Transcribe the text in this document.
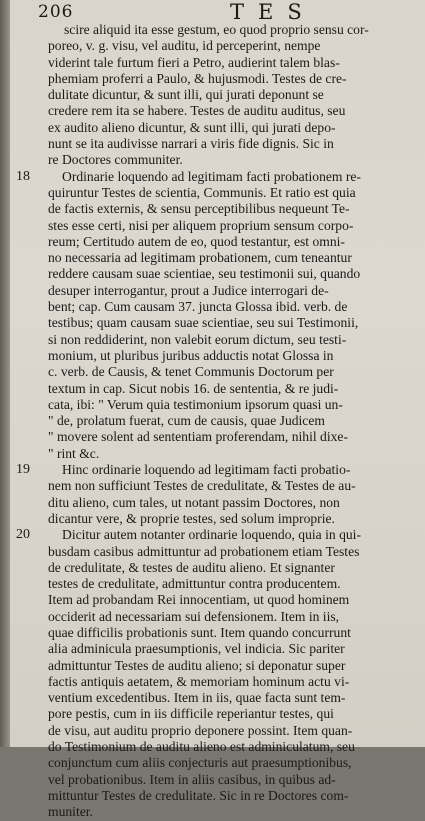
206	TES
scire aliquid ita esse gestum, eo quod proprio sensu cor-
poreo, v. g. visu, vel auditu, id perceperint, nempe
viderint tale furtum fieri a Petro, audierint talem blas-
phemiam proferri a Paulo, & hujusmodi. Testes de cre-
dulitate dicuntur, & sunt illi, qui jurati deponunt se
credere rem ita se habere. Testes de auditu auditus, seu
ex audito alieno dicuntur, & sunt illi, qui jurati depo-
nunt se ita audivisse narrari a viris fide dignis. Sic in
re Doctores communiter.
18 Ordinarie loquendo ad legitimam facti probationem re-
quiruntur Testes de scientia, Communis. Et ratio est quia
de factis externis, & sensu perceptibilibus nequeunt Te-
stes esse certi, nisi per aliquem proprium sensum corpo-
reum; Certitudo autem de eo, quod testantur, est omni-
no necessaria ad legitimam probationem, cum teneantur
reddere causam suae scientiae, seu testimonii sui, quando
desuper interrogantur, prout a Judice interrogari de-
bent; cap. Cum causam 37. juncta Glossa ibid. verb. de
testibus; quam causam suae scientiae, seu sui Testimonii,
si non reddiderint, non valebit eorum dictum, seu testi-
monium, ut pluribus juribus adductis notat Glossa in
c. verb. de Causis, & tenet Communis Doctorum per
textum in cap. Sicut nobis 16. de sententia, & re judi-
cata, ibi: " Verum quia testimonium ipsorum quasi un-
" de, prolatum fuerat, cum de causis, quae Judicem
" movere solent ad sententiam proferendam, nihil dixe-
" rint &c.
19 Hinc ordinarie loquendo ad legitimam facti probatio-
nem non sufficiunt Testes de credulitate, & Testes de au-
ditu alieno, cum tales, ut notant passim Doctores, non
dicantur vere, & proprie testes, sed solum improprie.
20 Dicitur autem notanter ordinarie loquendo, quia in qui-
busdam casibus admittuntur ad probationem etiam Testes
de credulitate, & testes de auditu alieno. Et signanter
testes de credulitate, admittuntur contra producentem.
Item ad probandam Rei innocentiam, ut quod hominem
occiderit ad necessariam sui defensionem. Item in iis,
quae difficilis probationis sunt. Item quando concurrunt
alia adminicula praesumptionis, vel indicia. Sic pariter
admittuntur Testes de auditu alieno; si deponatur super
factis antiquis aetatem, & memoriam hominum actu vi-
ventium excedentibus. Item in iis, quae facta sunt tem-
pore pestis, cum in iis difficile reperiantur testes, qui
de visu, aut auditu proprio deponere possint. Item quan-
do Testimonium de auditu alieno est adminiculatum, seu
conjunctum cum aliis conjecturis aut praesumptionibus,
vel probationibus. Item in aliis casibus, in quibus ad-
mittuntur Testes de credulitate. Sic in re Doctores com-
muniter.
